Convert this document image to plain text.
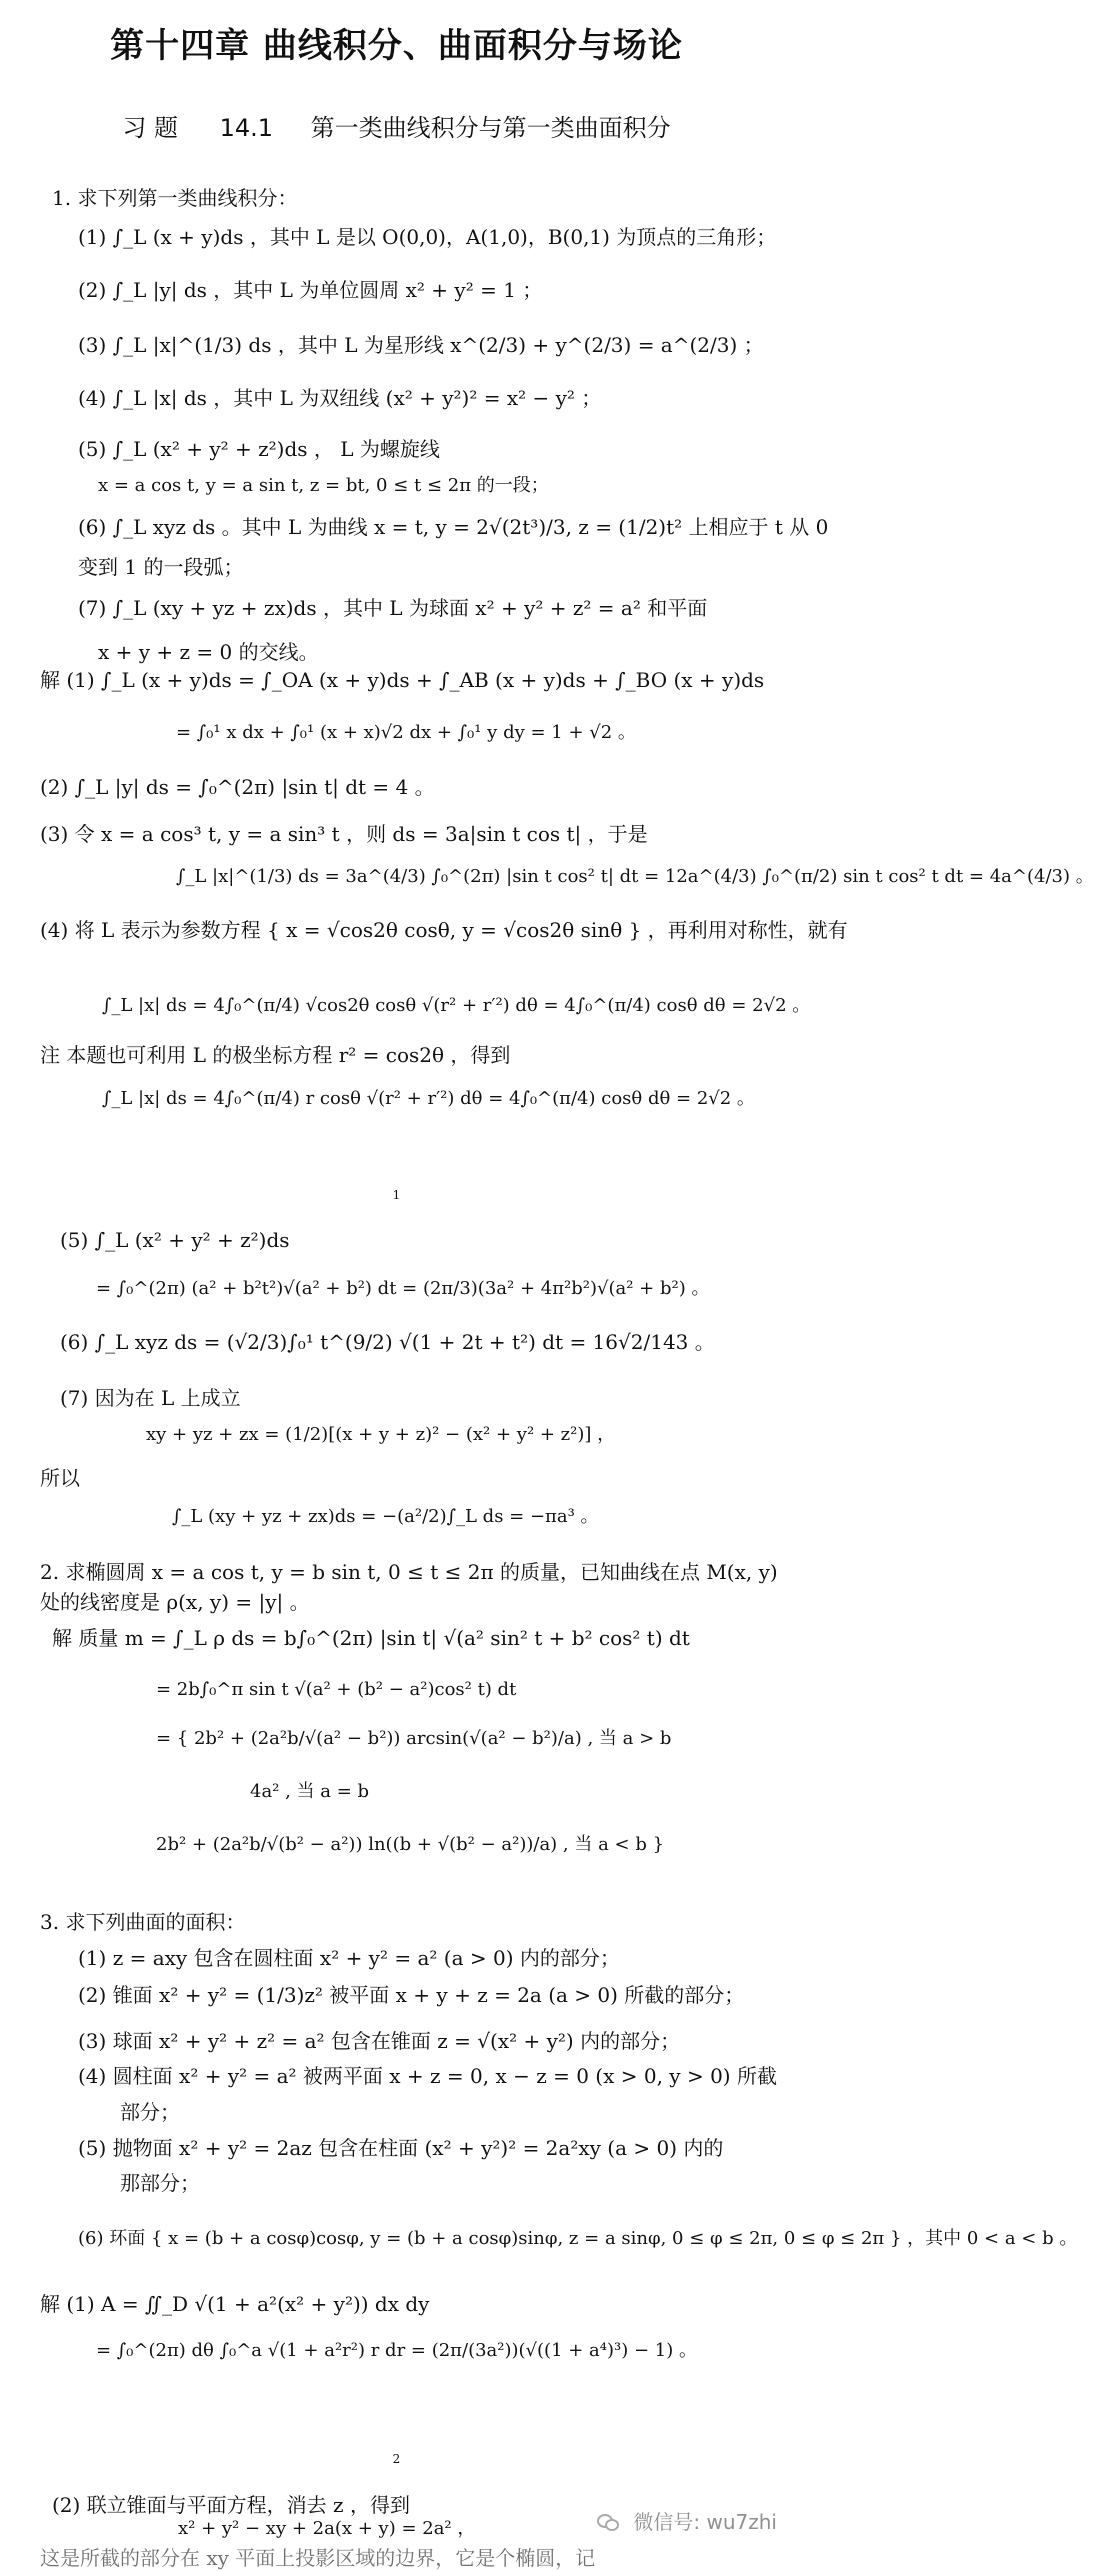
第十四章 曲线积分、曲面积分与场论
习 题 14.1 第一类曲线积分与第一类曲面积分
1. 求下列第一类曲线积分：
(1) ∫_L (x + y)ds ，其中 L 是以 O(0,0)，A(1,0)，B(0,1) 为顶点的三角形；
(2) ∫_L |y| ds ，其中 L 为单位圆周 x² + y² = 1 ；
(3) ∫_L |x|^(1/3) ds ，其中 L 为星形线 x^(2/3) + y^(2/3) = a^(2/3) ；
(4) ∫_L |x| ds ，其中 L 为双纽线 (x² + y²)² = x² − y² ；
(5) ∫_L (x² + y² + z²)ds ， L 为螺旋线
x = a cos t, y = a sin t, z = bt, 0 ≤ t ≤ 2π 的一段；
(6) ∫_L xyz ds 。其中 L 为曲线 x = t, y = 2√(2t³)/3, z = (1/2)t² 上相应于 t 从 0
变到 1 的一段弧；
(7) ∫_L (xy + yz + zx)ds ，其中 L 为球面 x² + y² + z² = a² 和平面
x + y + z = 0 的交线。
解 (1) ∫_L (x + y)ds = ∫_OA (x + y)ds + ∫_AB (x + y)ds + ∫_BO (x + y)ds
= ∫₀¹ x dx + ∫₀¹ (x + x)√2 dx + ∫₀¹ y dy = 1 + √2 。
(2) ∫_L |y| ds = ∫₀^(2π) |sin t| dt = 4 。
(3) 令 x = a cos³ t, y = a sin³ t ，则 ds = 3a|sin t cos t| ，于是
∫_L |x|^(1/3) ds = 3a^(4/3) ∫₀^(2π) |sin t cos² t| dt = 12a^(4/3) ∫₀^(π/2) sin t cos² t dt = 4a^(4/3) 。
(4) 将 L 表示为参数方程 { x = √cos2θ cosθ, y = √cos2θ sinθ } ，再利用对称性，就有
∫_L |x| ds = 4∫₀^(π/4) √cos2θ cosθ √(r² + r′²) dθ = 4∫₀^(π/4) cosθ dθ = 2√2 。
注 本题也可利用 L 的极坐标方程 r² = cos2θ ，得到
∫_L |x| ds = 4∫₀^(π/4) r cosθ √(r² + r′²) dθ = 4∫₀^(π/4) cosθ dθ = 2√2 。
1
(5) ∫_L (x² + y² + z²)ds
= ∫₀^(2π) (a² + b²t²)√(a² + b²) dt = (2π/3)(3a² + 4π²b²)√(a² + b²) 。
(6) ∫_L xyz ds = (√2/3)∫₀¹ t^(9/2) √(1 + 2t + t²) dt = 16√2/143 。
(7) 因为在 L 上成立
xy + yz + zx = (1/2)[(x + y + z)² − (x² + y² + z²)] ，
所以
∫_L (xy + yz + zx)ds = −(a²/2)∫_L ds = −πa³ 。
2. 求椭圆周 x = a cos t, y = b sin t, 0 ≤ t ≤ 2π 的质量，已知曲线在点 M(x, y)
处的线密度是 ρ(x, y) = |y| 。
解 质量 m = ∫_L ρ ds = b∫₀^(2π) |sin t| √(a² sin² t + b² cos² t) dt
= 2b∫₀^π sin t √(a² + (b² − a²)cos² t) dt
= { 2b² + (2a²b/√(a² − b²)) arcsin(√(a² − b²)/a) , 当 a > b
4a² , 当 a = b
2b² + (2a²b/√(b² − a²)) ln((b + √(b² − a²))/a) , 当 a < b }
3. 求下列曲面的面积：
(1) z = axy 包含在圆柱面 x² + y² = a² (a > 0) 内的部分；
(2) 锥面 x² + y² = (1/3)z² 被平面 x + y + z = 2a (a > 0) 所截的部分；
(3) 球面 x² + y² + z² = a² 包含在锥面 z = √(x² + y²) 内的部分；
(4) 圆柱面 x² + y² = a² 被两平面 x + z = 0, x − z = 0 (x > 0, y > 0) 所截
部分；
(5) 抛物面 x² + y² = 2az 包含在柱面 (x² + y²)² = 2a²xy (a > 0) 内的
那部分；
(6) 环面 { x = (b + a cosφ)cosφ, y = (b + a cosφ)sinφ, z = a sinφ, 0 ≤ φ ≤ 2π, 0 ≤ φ ≤ 2π } ，其中 0 < a < b 。
解 (1) A = ∬_D √(1 + a²(x² + y²)) dx dy
= ∫₀^(2π) dθ ∫₀^a √(1 + a²r²) r dr = (2π/(3a²))(√((1 + a⁴)³) − 1) 。
2
(2) 联立锥面与平面方程，消去 z ，得到
x² + y² − xy + 2a(x + y) = 2a² ，
这是所截的部分在 xy 平面上投影区域的边界，它是个椭圆，记
微信号: wu7zhi
